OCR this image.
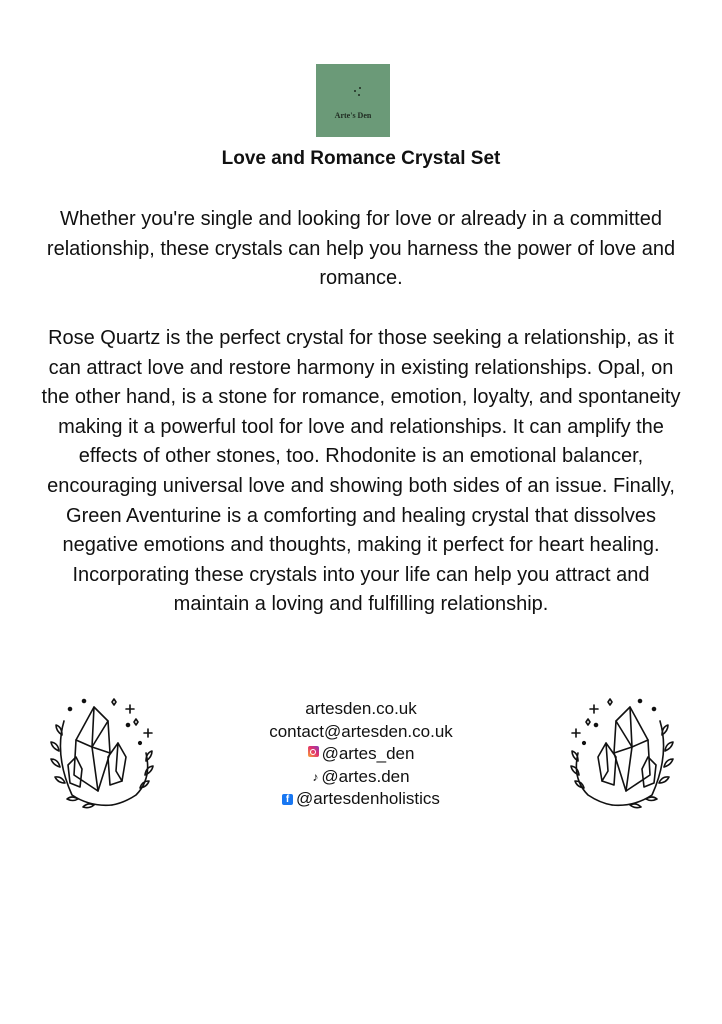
Arte's Den
Love and Romance Crystal Set

Whether you're single and looking for love or already in a committed relationship, these crystals can help you harness the power of love and romance.

Rose Quartz is the perfect crystal for those seeking a relationship, as it can attract love and restore harmony in existing relationships. Opal, on the other hand, is a stone for romance, emotion, loyalty, and spontaneity making it a powerful tool for love and relationships. It can amplify the effects of other stones, too. Rhodonite is an emotional balancer, encouraging universal love and showing both sides of an issue. Finally, Green Aventurine is a comforting and healing crystal that dissolves negative emotions and thoughts, making it perfect for heart healing. Incorporating these crystals into your life can help you attract and maintain a loving and fulfilling relationship.

artesden.co.uk
contact@artesden.co.uk
@artes_den
♪ @artes.den
f @artesdenholistics
